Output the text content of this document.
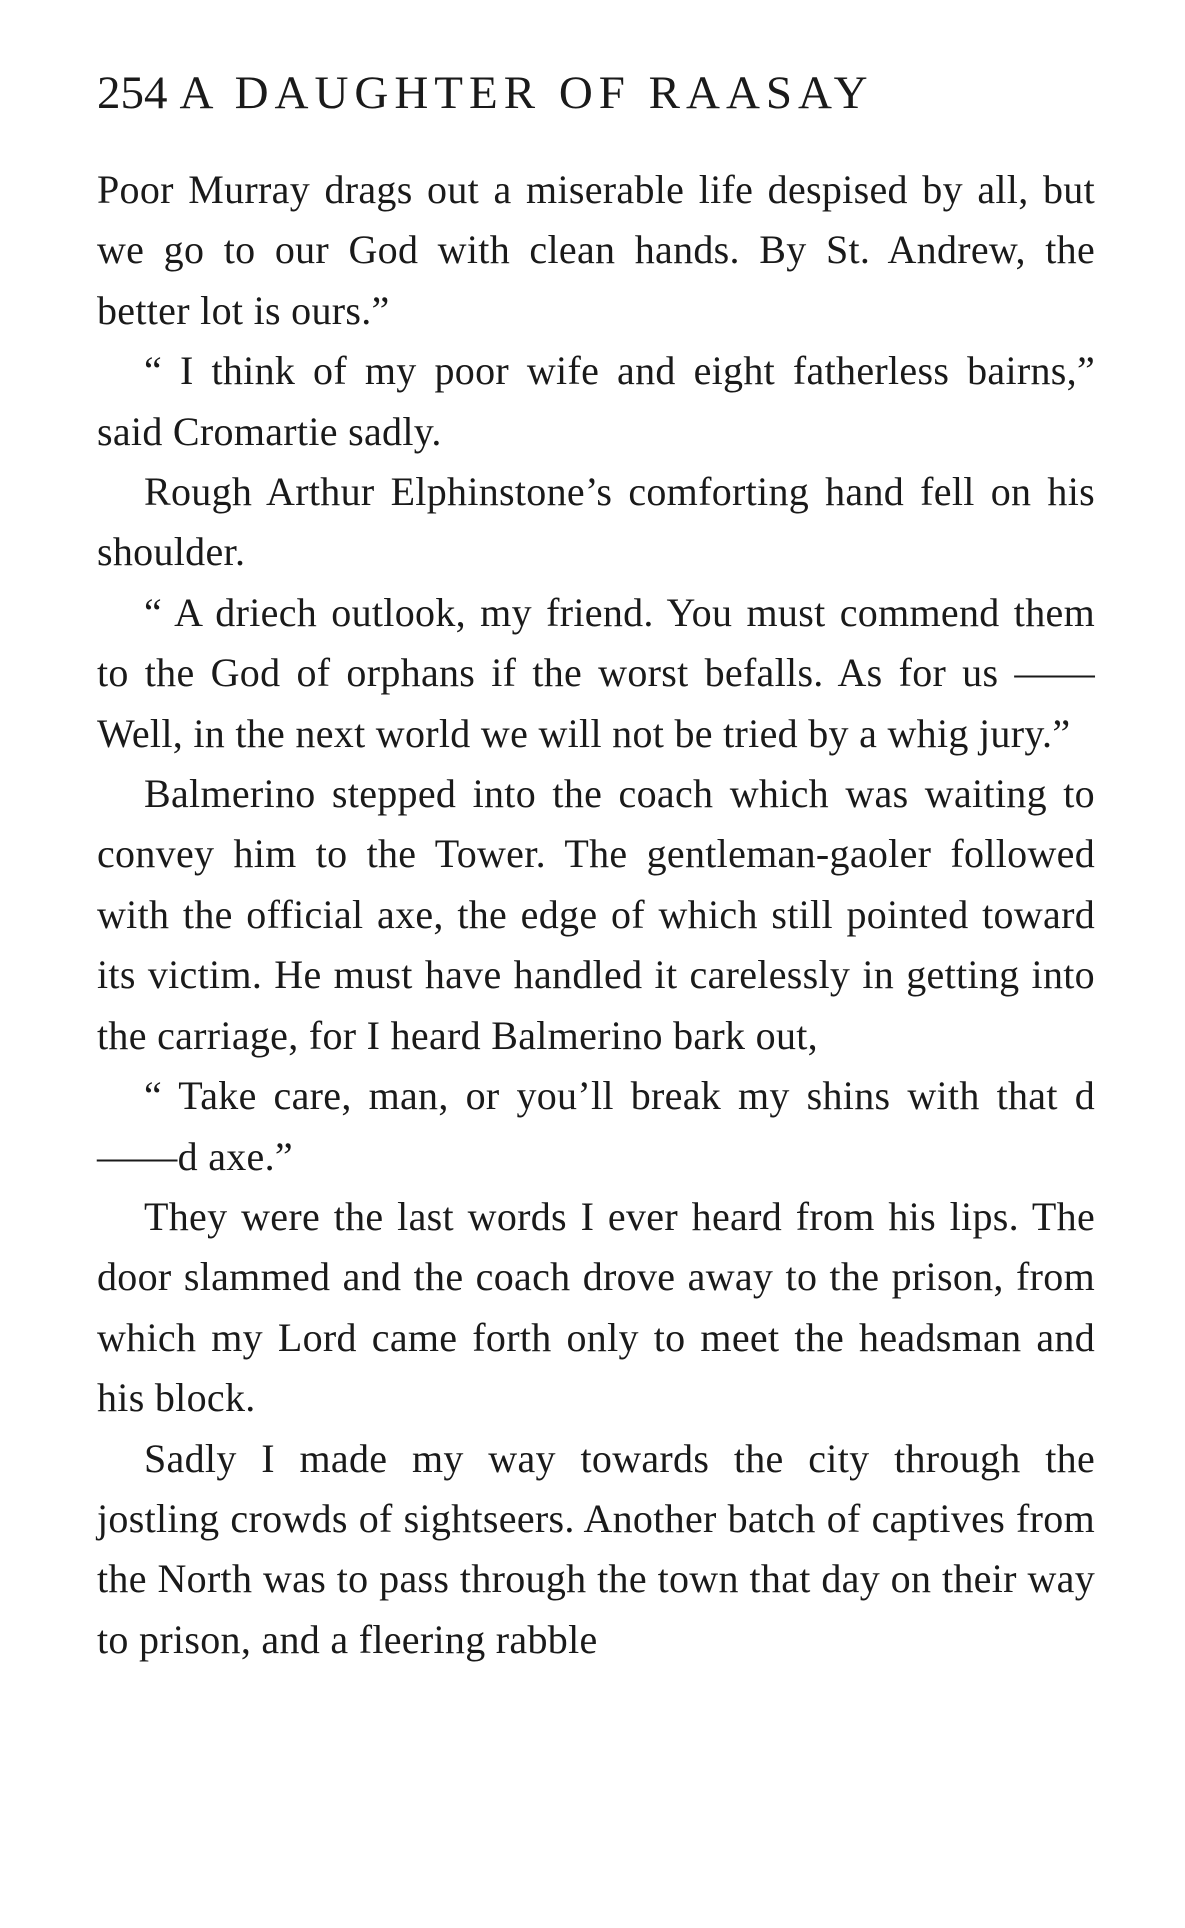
254 A DAUGHTER OF RAASAY

Poor Murray drags out a miserable life despised by all, but we go to our God with clean hands. By St. Andrew, the better lot is ours.”

“ I think of my poor wife and eight fatherless bairns,” said Cromartie sadly.

Rough Arthur Elphinstone’s comforting hand fell on his shoulder.

“ A driech outlook, my friend. You must commend them to the God of orphans if the worst befalls. As for us —— Well, in the next world we will not be tried by a whig jury.”

Balmerino stepped into the coach which was waiting to convey him to the Tower. The gentleman-gaoler followed with the official axe, the edge of which still pointed toward its victim. He must have handled it carelessly in getting into the carriage, for I heard Balmerino bark out,

“ Take care, man, or you’ll break my shins with that d——d axe.”

They were the last words I ever heard from his lips. The door slammed and the coach drove away to the prison, from which my Lord came forth only to meet the headsman and his block.

Sadly I made my way towards the city through the jostling crowds of sightseers. Another batch of captives from the North was to pass through the town that day on their way to prison, and a fleering rabble
